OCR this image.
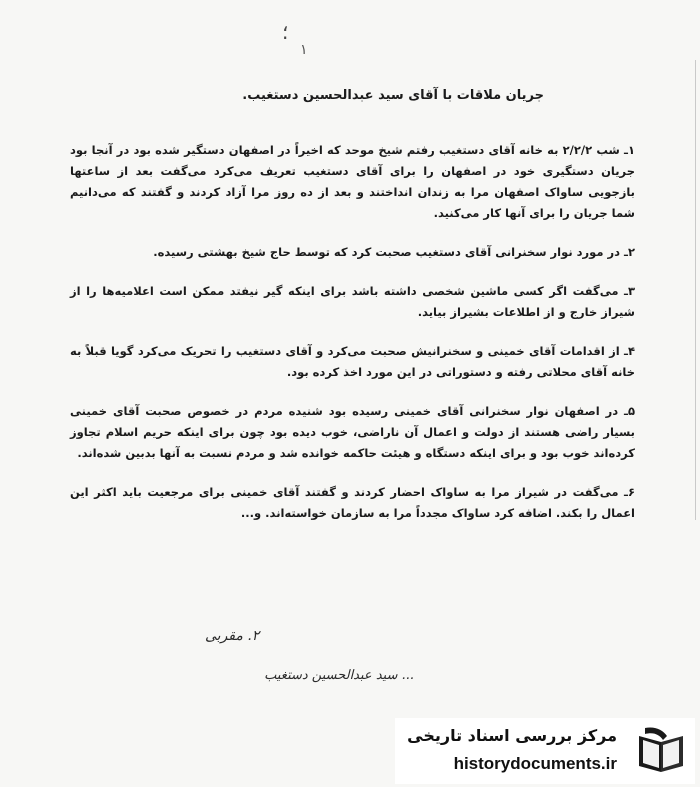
؛
۱
جریان ملاقات با آقای سید عبدالحسین دستغیب.

۱ـ شب ۲/۲/۲ به خانه آقای دستغیب رفتم شیخ موحد که اخیراً در اصفهان دستگیر شده بود در آنجا بود جریان دستگیری خود در اصفهان را برای آقای دستغیب تعریف می‌کرد می‌گفت بعد از ساعتها بازجویی ساواک اصفهان مرا به زندان انداختند و بعد از ده روز مرا آزاد کردند و گفتند که می‌دانیم شما جریان را برای آنها کار می‌کنید.

۲ـ در مورد نوار سخنرانی آقای دستغیب صحبت کرد که توسط حاج شیخ بهشتی رسیده.

۳ـ می‌گفت اگر کسی ماشین شخصی داشته باشد برای اینکه گیر نیفتد ممکن است اعلامیه‌ها را از شیراز خارج و از اطلاعات بشیراز بیاید.

۴ـ از اقدامات آقای خمینی و سخنرانیش صحبت می‌کرد و آقای دستغیب را تحریک می‌کرد گویا قبلاً به خانه آقای محلاتی رفته و دستوراتی در این مورد اخذ کرده بود.

۵ـ در اصفهان نوار سخنرانی آقای خمینی رسیده بود شنیده مردم در خصوص صحبت آقای خمینی بسیار راضی هستند از دولت و اعمال آن ناراضی، خوب دیده بود چون برای اینکه حریم اسلام تجاوز کرده‌اند خوب بود و برای اینکه دستگاه و هیئت حاکمه خوانده شد و مردم نسبت به آنها بدبین شده‌اند.

۶ـ می‌گفت در شیراز مرا به ساواک احضار کردند و گفتند آقای خمینی برای مرجعیت باید اکثر این اعمال را بکند. اضافه کرد ساواک مجدداً مرا به سازمان خواسته‌اند. و...

۲. مقربی
... سید عبدالحسین دستغیب
مرکز بررسی اسناد تاریخی
historydocuments.ir
